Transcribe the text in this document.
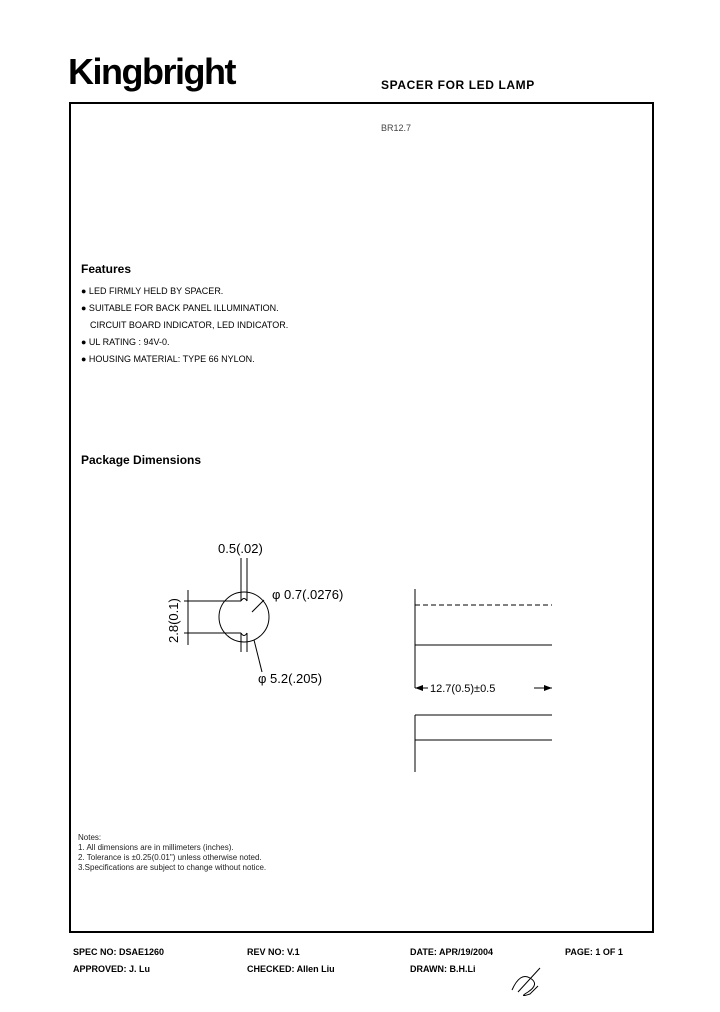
Kingbright	SPACER FOR LED LAMP
BR12.7
Features
● LED FIRMLY HELD BY SPACER.
● SUITABLE FOR BACK PANEL ILLUMINATION.
CIRCUIT BOARD INDICATOR, LED INDICATOR.
● UL RATING : 94V-0.
● HOUSING MATERIAL: TYPE 66 NYLON.
Package Dimensions
0.5(.02)
φ 0.7(.0276)
2.8(0.1)
φ 5.2(.205)
12.7(0.5)±0.5
Notes:
1. All dimensions are in millimeters (inches).
2. Tolerance is ±0.25(0.01") unless otherwise noted.
3.Specifications are subject to change without notice.
SPEC NO: DSAE1260	REV NO: V.1	DATE: APR/19/2004	PAGE: 1 OF 1
APPROVED: J. Lu	CHECKED: Allen Liu	DRAWN: B.H.Li
